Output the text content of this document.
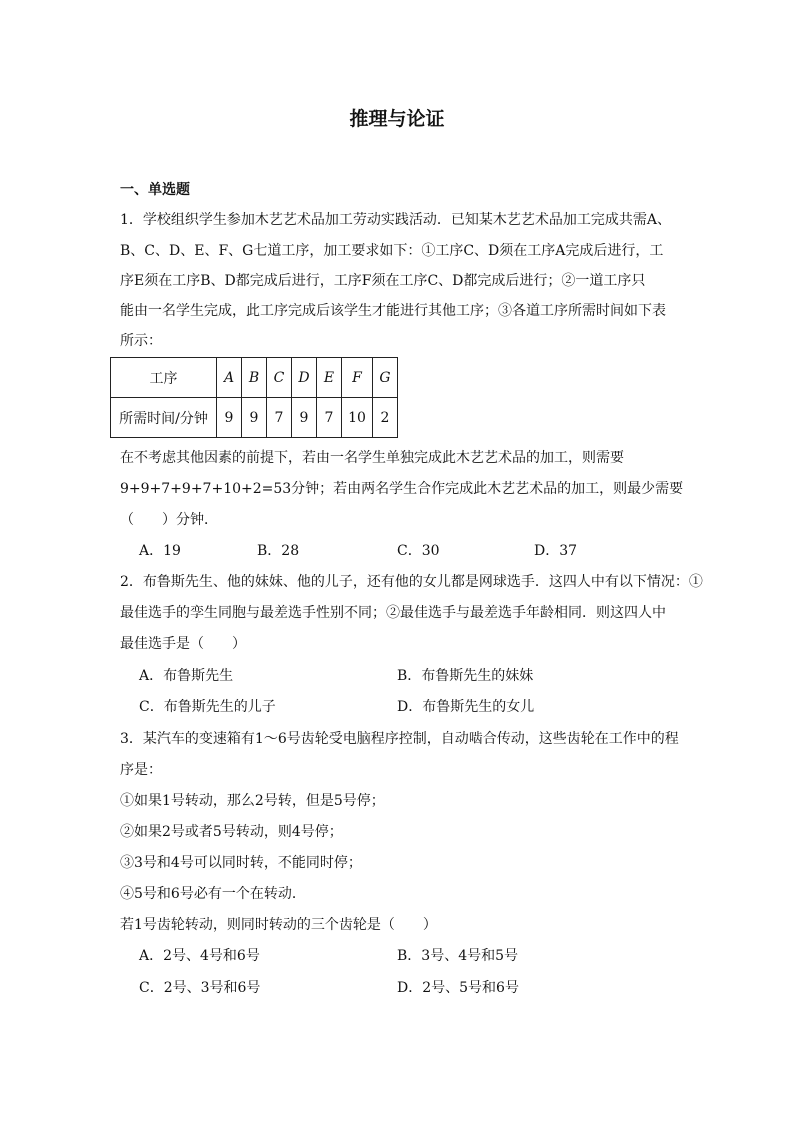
推理与论证
一、单选题
1．学校组织学生参加木艺艺术品加工劳动实践活动．已知某木艺艺术品加工完成共需A、
B、C、D、E、F、G七道工序，加工要求如下：①工序C、D须在工序A完成后进行，工
序E须在工序B、D都完成后进行，工序F须在工序C、D都完成后进行；②一道工序只
能由一名学生完成，此工序完成后该学生才能进行其他工序；③各道工序所需时间如下表
所示：
工序	A	B	C	D	E	F	G
所需时间/分钟	9	9	7	9	7	10	2
在不考虑其他因素的前提下，若由一名学生单独完成此木艺艺术品的加工，则需要
9+9+7+9+7+10+2=53分钟；若由两名学生合作完成此木艺艺术品的加工，则最少需要
（　　）分钟．
A．19	B．28	C．30	D．37
2．布鲁斯先生、他的妹妹、他的儿子，还有他的女儿都是网球选手．这四人中有以下情况：①
最佳选手的孪生同胞与最差选手性别不同；②最佳选手与最差选手年龄相同．则这四人中
最佳选手是（　　）
A．布鲁斯先生	B．布鲁斯先生的妹妹
C．布鲁斯先生的儿子	D．布鲁斯先生的女儿
3．某汽车的变速箱有1～6号齿轮受电脑程序控制，自动啮合传动，这些齿轮在工作中的程
序是：
①如果1号转动，那么2号转，但是5号停；
②如果2号或者5号转动，则4号停；
③3号和4号可以同时转，不能同时停；
④5号和6号必有一个在转动．
若1号齿轮转动，则同时转动的三个齿轮是（　　）
A．2号、4号和6号	B．3号、4号和5号
C．2号、3号和6号	D．2号、5号和6号
